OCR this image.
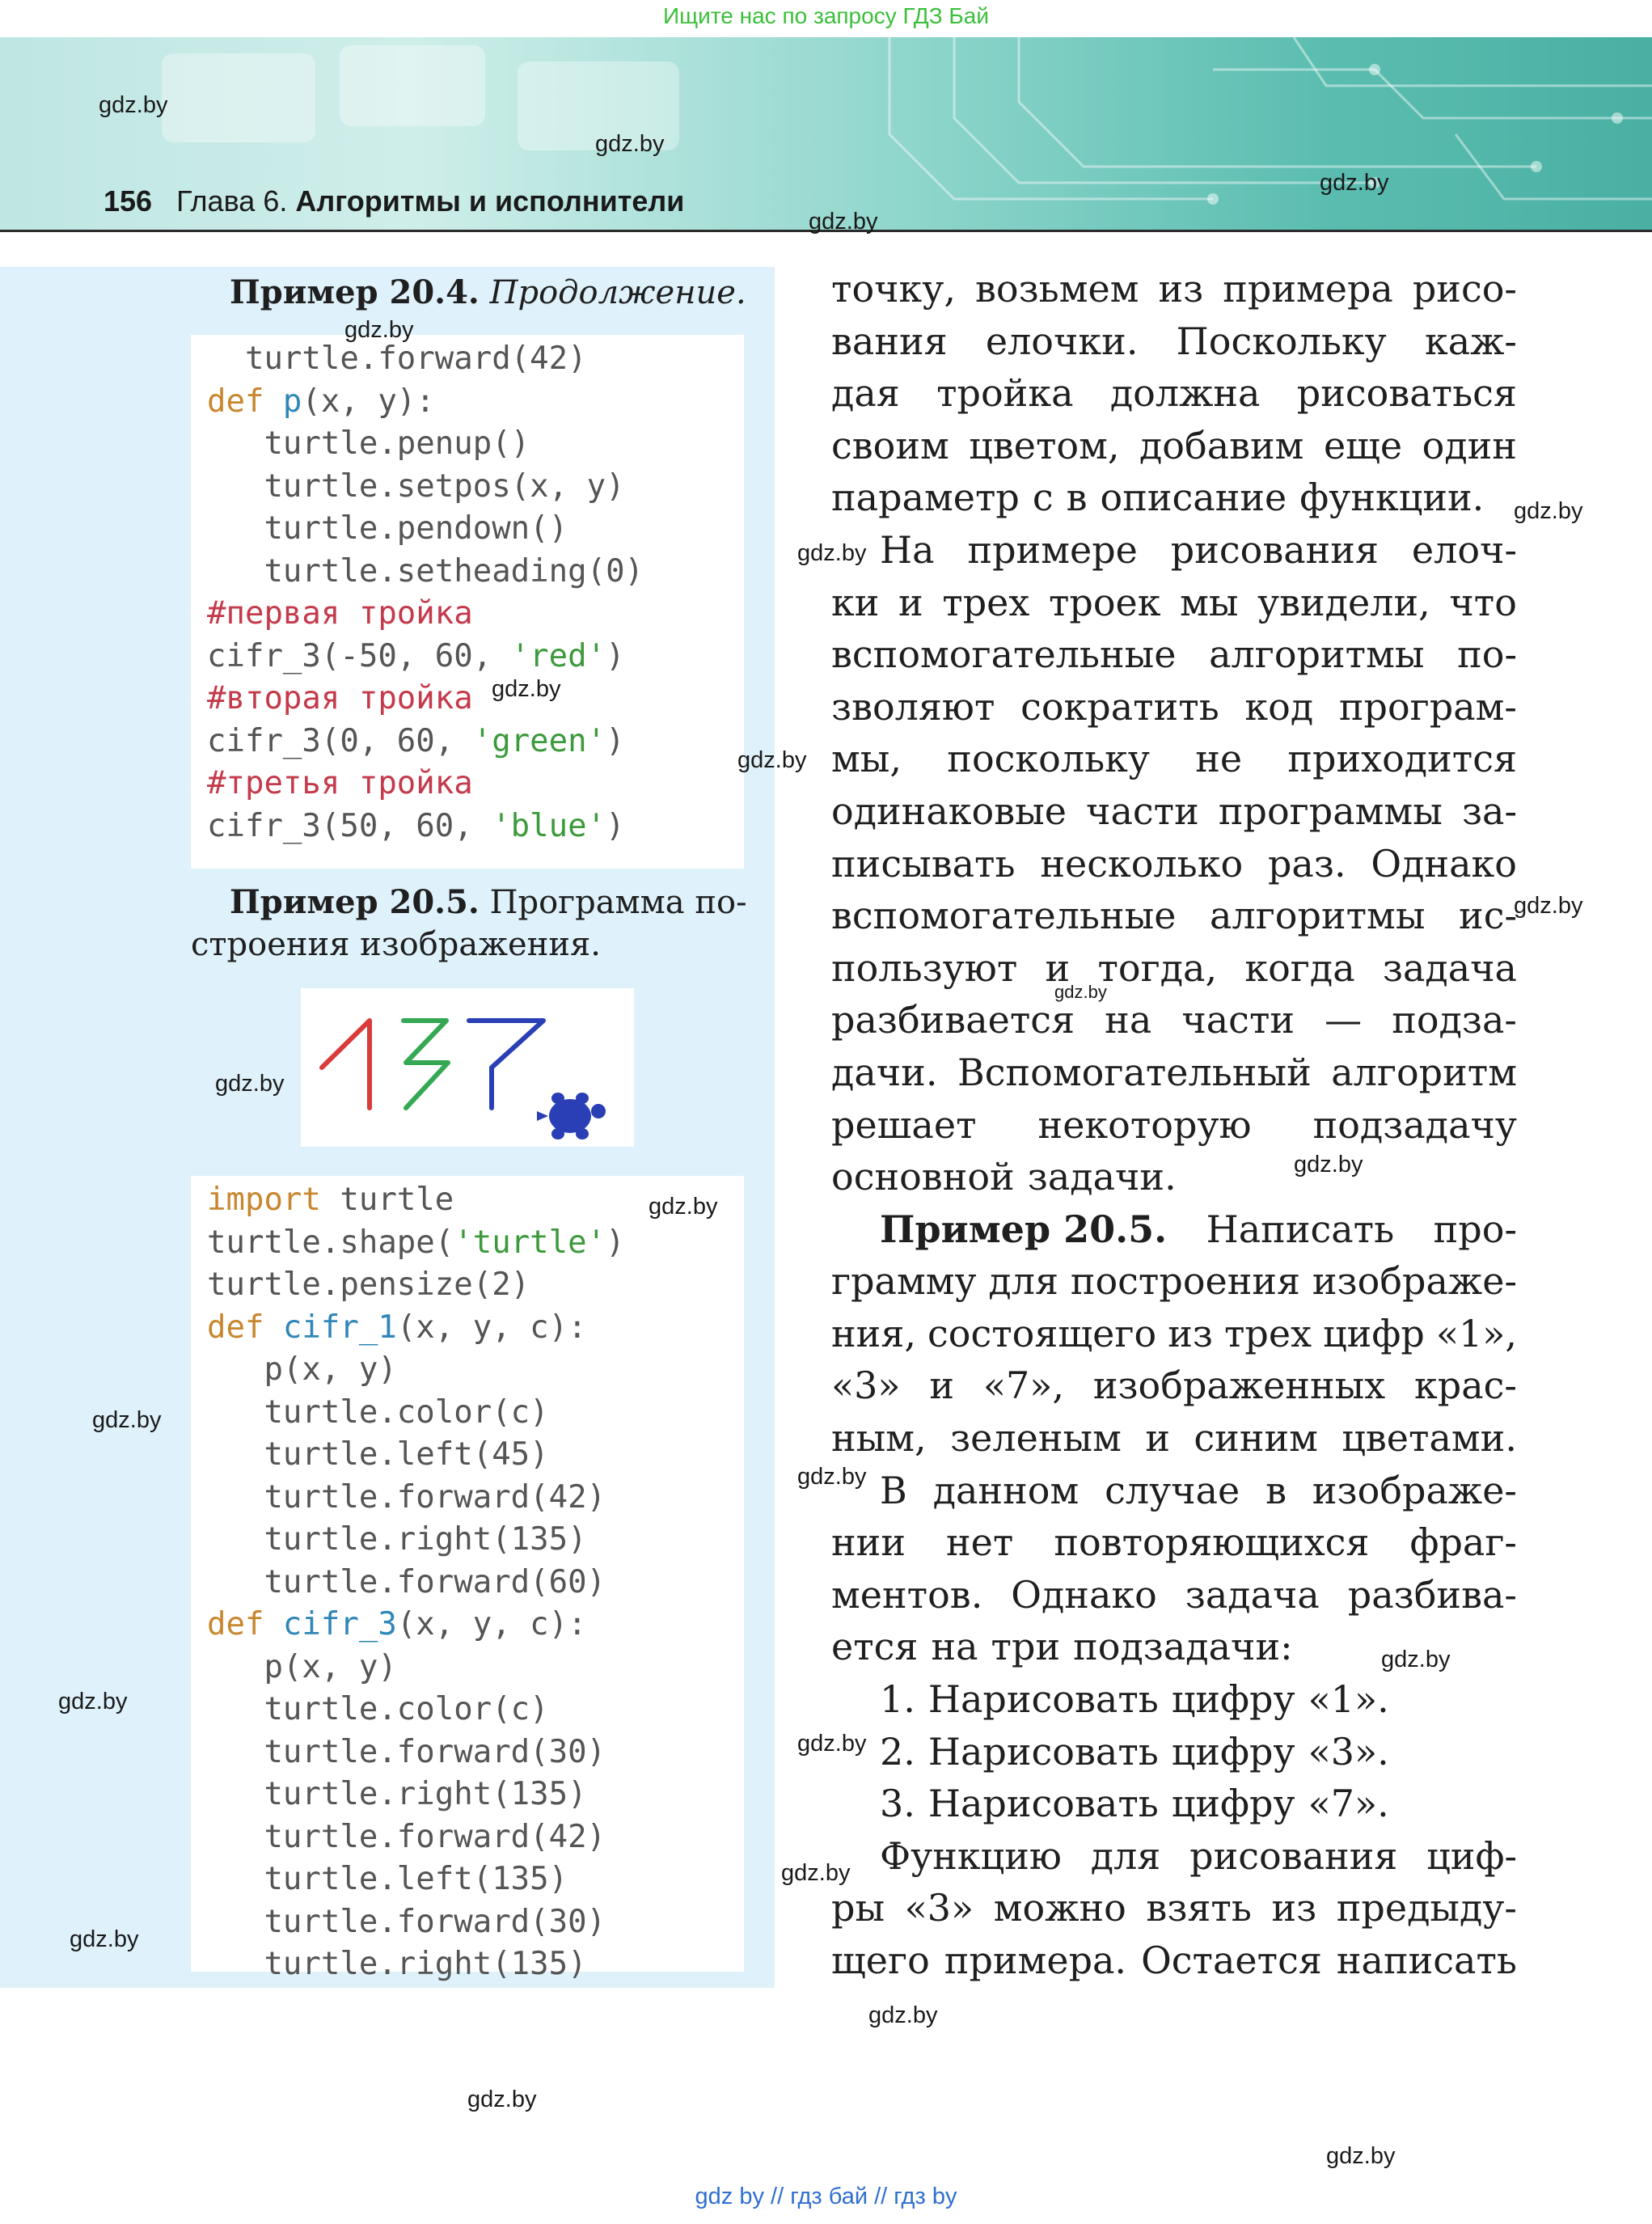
Ищите нас по запросу ГДЗ Бай
156 Глава 6. Алгоритмы и исполнители
Пример 20.4. Продолжение.
turtle.forward(42)
def p(x, y):
turtle.penup()
turtle.setpos(x, y)
turtle.pendown()
turtle.setheading(0)
#первая тройка
cifr_3(-50, 60, 'red')
#вторая тройка
cifr_3(0, 60, 'green')
#третья тройка
cifr_3(50, 60, 'blue')
Пример 20.5. Программа по-
строения изображения.
import turtle
turtle.shape('turtle')
turtle.pensize(2)
def cifr_1(x, y, c):
p(x, y)
turtle.color(c)
turtle.left(45)
turtle.forward(42)
turtle.right(135)
turtle.forward(60)
def cifr_3(x, y, c):
p(x, y)
turtle.color(c)
turtle.forward(30)
turtle.right(135)
turtle.forward(42)
turtle.left(135)
turtle.forward(30)
turtle.right(135)
точку, возьмем из примера рисо-
вания елочки. Поскольку каж-
дая тройка должна рисоваться
своим цветом, добавим еще один
параметр с в описание функции.
На примере рисования елоч-
ки и трех троек мы увидели, что
вспомогательные алгоритмы по-
зволяют сократить код програм-
мы, поскольку не приходится
одинаковые части программы за-
писывать несколько раз. Однако
вспомогательные алгоритмы ис-
пользуют и тогда, когда задача
разбивается на части — подза-
дачи. Вспомогательный алгоритм
решает некоторую подзадачу
основной задачи.
Пример 20.5. Написать про-
грамму для построения изображе-
ния, состоящего из трех цифр «1»,
«3» и «7», изображенных крас-
ным, зеленым и синим цветами.
В данном случае в изображе-
нии нет повторяющихся фраг-
ментов. Однако задача разбива-
ется на три подзадачи:
1. Нарисовать цифру «1».
2. Нарисовать цифру «3».
3. Нарисовать цифру «7».
Функцию для рисования циф-
ры «3» можно взять из предыду-
щего примера. Остается написать
gdz by // гдз бай // гдз by
gdz.by
gdz.by
gdz.by
gdz.by
gdz.by
gdz.by
gdz.by
gdz.by
gdz.by
gdz.by
gdz.by
gdz.by
gdz.by
gdz.by
gdz.by
gdz.by
gdz.by
gdz.by
gdz.by
gdz.by
gdz.by
gdz.by
gdz.by
gdz.by
